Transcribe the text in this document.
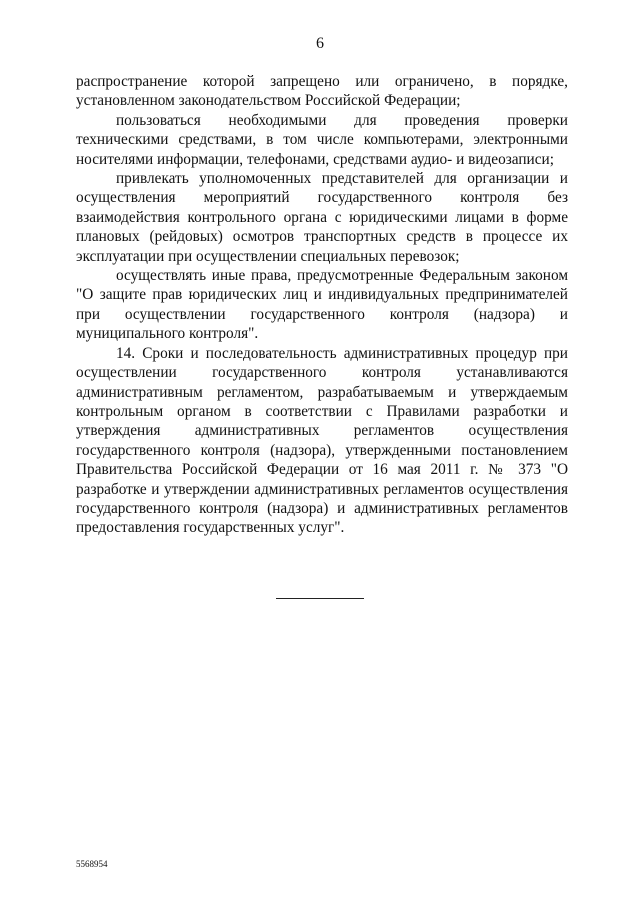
6

распространение которой запрещено или ограничено, в порядке, установленном законодательством Российской Федерации;

пользоваться необходимыми для проведения проверки техническими средствами, в том числе компьютерами, электронными носителями информации, телефонами, средствами аудио- и видеозаписи;

привлекать уполномоченных представителей для организации и осуществления мероприятий государственного контроля без взаимодействия контрольного органа с юридическими лицами в форме плановых (рейдовых) осмотров транспортных средств в процессе их эксплуатации при осуществлении специальных перевозок;

осуществлять иные права, предусмотренные Федеральным законом "О защите прав юридических лиц и индивидуальных предпринимателей при осуществлении государственного контроля (надзора) и муниципального контроля".

14. Сроки и последовательность административных процедур при осуществлении государственного контроля устанавливаются административным регламентом, разрабатываемым и утверждаемым контрольным органом в соответствии с Правилами разработки и утверждения административных регламентов осуществления государственного контроля (надзора), утвержденными постановлением Правительства Российской Федерации от 16 мая 2011 г. № 373 "О разработке и утверждении административных регламентов осуществления государственного контроля (надзора) и административных регламентов предоставления государственных услуг".

5568954
